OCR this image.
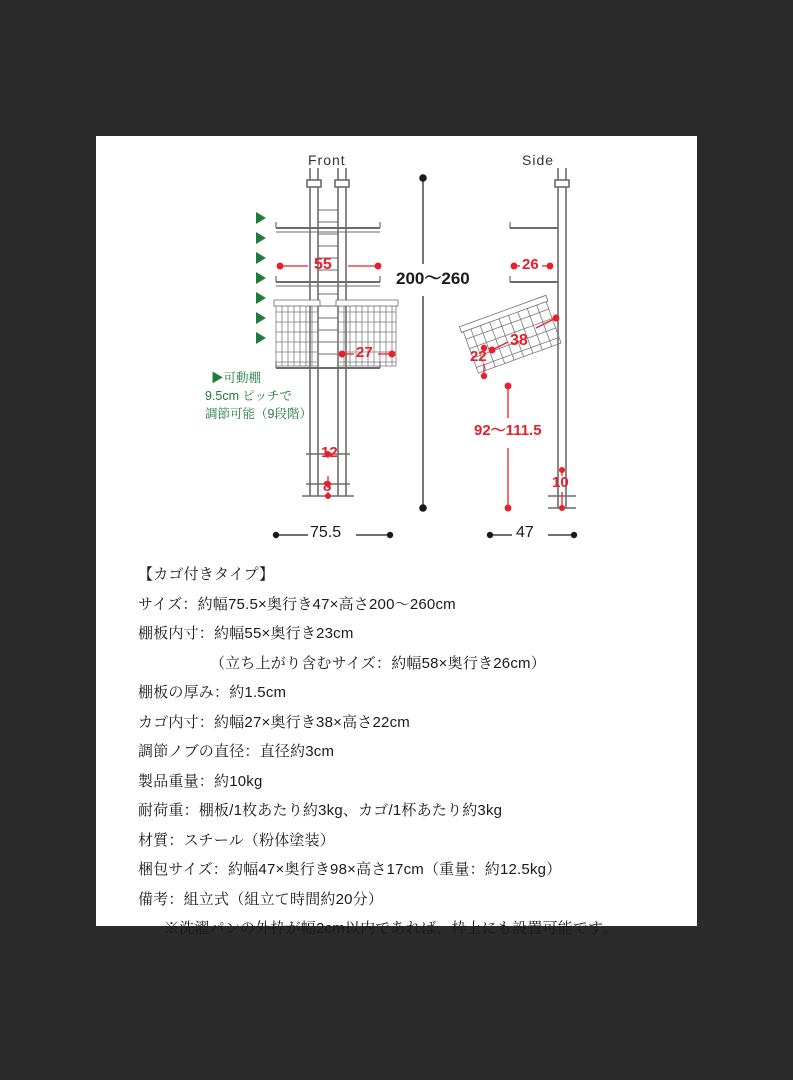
Front	Side
55
27
12
8
200〜260
75.5
26
38
22
92〜111.5
10
47
▶可動棚
9.5cm ピッチで
調節可能（9段階）
【カゴ付きタイプ】
サイズ：約幅75.5×奥行き47×高さ200〜260cm
棚板内寸：約幅55×奥行き23cm
（立ち上がり含むサイズ：約幅58×奥行き26cm）
棚板の厚み：約1.5cm
カゴ内寸：約幅27×奥行き38×高さ22cm
調節ノブの直径：直径約3cm
製品重量：約10kg
耐荷重：棚板/1枚あたり約3kg、カゴ/1杯あたり約3kg
材質：スチール（粉体塗装）
梱包サイズ：約幅47×奥行き98×高さ17cm（重量：約12.5kg）
備考：組立式（組立て時間約20分）
※洗濯パンの外枠が幅2cm以内であれば、枠上にも設置可能です。
